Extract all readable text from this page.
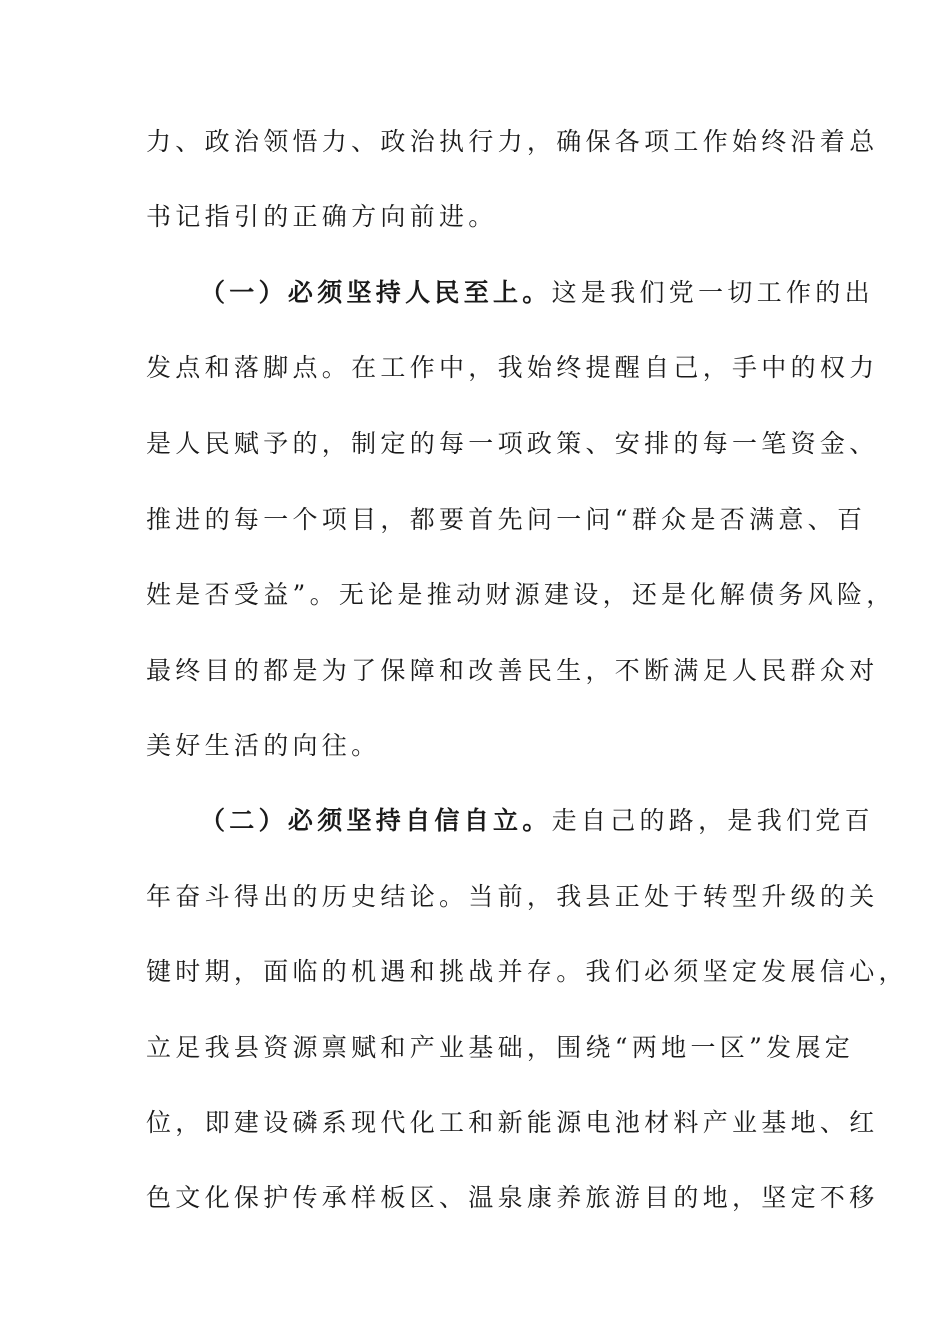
力、政治领悟力、政治执行力，确保各项工作始终沿着总
书记指引的正确方向前进。
（一）必须坚持人民至上。这是我们党一切工作的出
发点和落脚点。在工作中，我始终提醒自己，手中的权力
是人民赋予的，制定的每一项政策、安排的每一笔资金、
推进的每一个项目，都要首先问一问“群众是否满意、百
姓是否受益”。无论是推动财源建设，还是化解债务风险，
最终目的都是为了保障和改善民生，不断满足人民群众对
美好生活的向往。
（二）必须坚持自信自立。走自己的路，是我们党百
年奋斗得出的历史结论。当前，我县正处于转型升级的关
键时期，面临的机遇和挑战并存。我们必须坚定发展信心，
立足我县资源禀赋和产业基础，围绕“两地一区”发展定
位，即建设磷系现代化工和新能源电池材料产业基地、红
色文化保护传承样板区、温泉康养旅游目的地，坚定不移
